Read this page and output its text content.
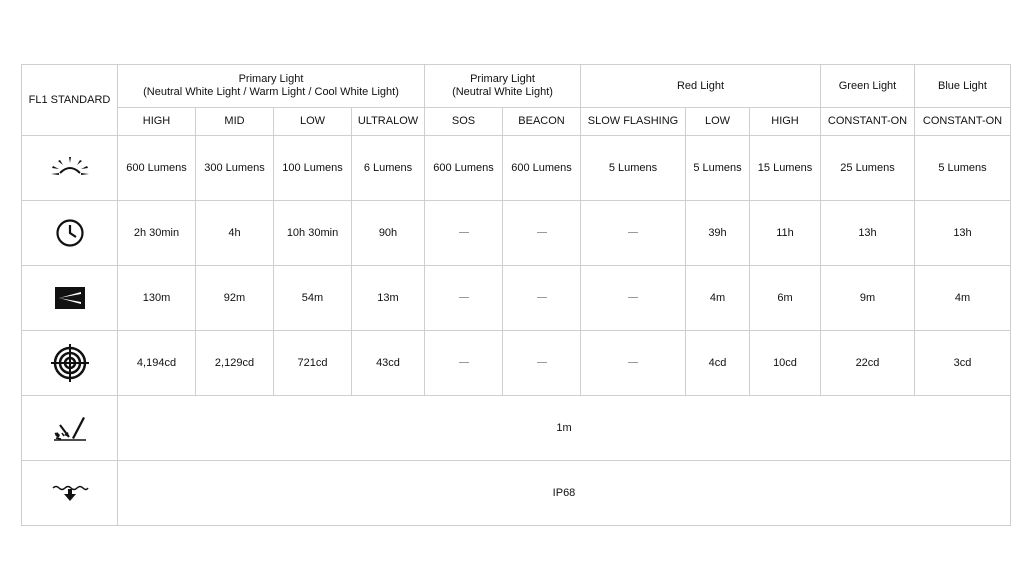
FL1 STANDARD	Primary Light
(Neutral White Light / Warm Light / Cool White Light)				Primary Light
(Neutral White Light)		Red Light			Green Light	Blue Light
	HIGH	MID	LOW	ULTRALOW	SOS	BEACON	SLOW FLASHING	LOW	HIGH	CONSTANT-ON	CONSTANT-ON
	600 Lumens	300 Lumens	100 Lumens	6 Lumens	600 Lumens	600 Lumens	5 Lumens	5 Lumens	15 Lumens	25 Lumens	5 Lumens
	2h 30min	4h	10h 30min	90h				39h	11h	13h	13h
	130m	92m	54m	13m				4m	6m	9m	4m
	4,194cd	2,129cd	721cd	43cd				4cd	10cd	22cd	3cd
	1m										
	IP68										
